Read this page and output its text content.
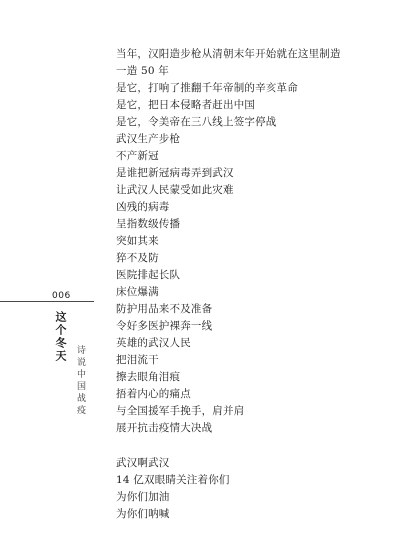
当年，汉阳造步枪从清朝末年开始就在这里制造
一造 50 年
是它，打响了推翻千年帝制的辛亥革命
是它，把日本侵略者赶出中国
是它，令美帝在三八线上签字停战
武汉生产步枪
不产新冠
是谁把新冠病毒弄到武汉
让武汉人民蒙受如此灾难
凶残的病毒
呈指数级传播
突如其来
猝不及防
医院排起长队
床位爆满
防护用品来不及准备
令好多医护裸奔一线
英雄的武汉人民
把泪流干
擦去眼角泪痕
捂着内心的痛点
与全国援军手挽手，肩并肩
展开抗击疫情大决战
武汉啊武汉
14 亿双眼睛关注着你们
为你们加油
为你们呐喊
006
这个冬天
诗说中国战疫
